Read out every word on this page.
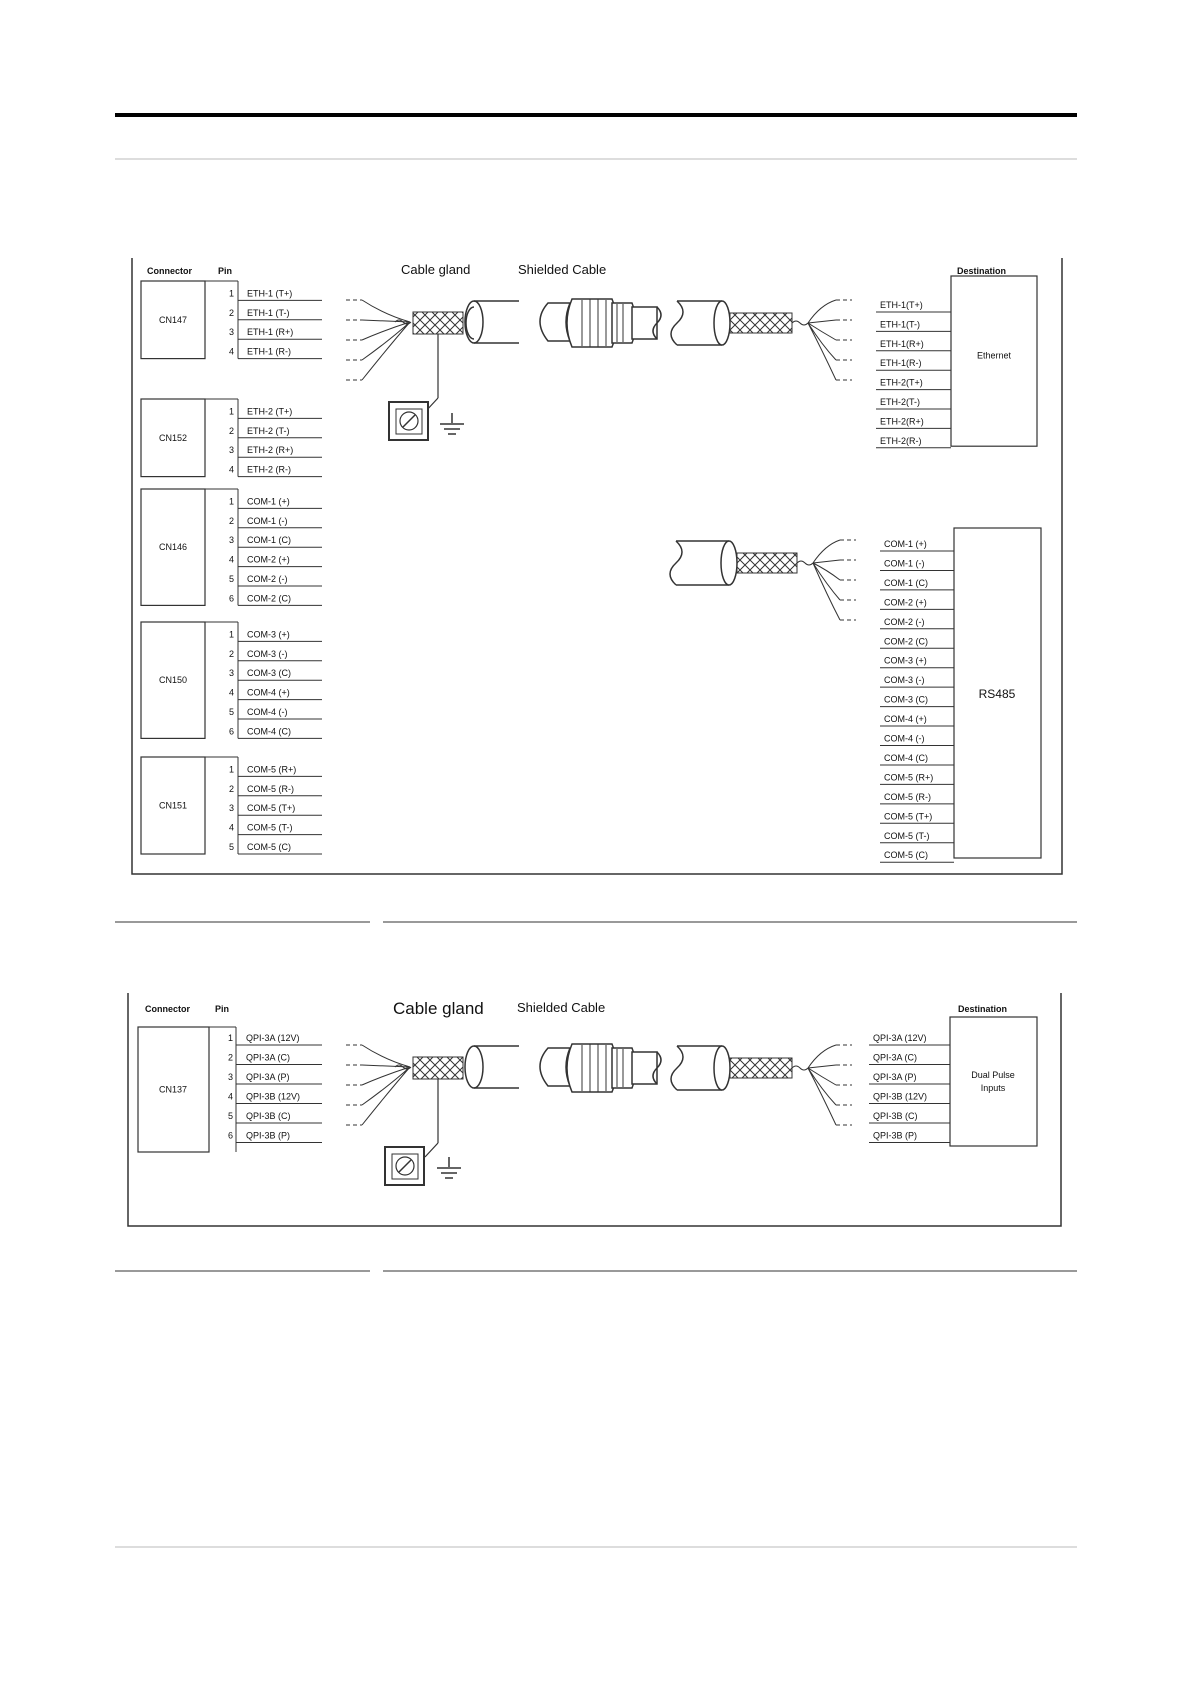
Connector	Pin	Destination
Cable gland	Shielded Cable
CN147
1 ETH-1 (T+)
2 ETH-1 (T-)
3 ETH-1 (R+)
4 ETH-1 (R-)
CN152
1 ETH-2 (T+)
2 ETH-2 (T-)
3 ETH-2 (R+)
4 ETH-2 (R-)
CN146
1 COM-1 (+)
2 COM-1 (-)
3 COM-1 (C)
4 COM-2 (+)
5 COM-2 (-)
6 COM-2 (C)
CN150
1 COM-3 (+)
2 COM-3 (-)
3 COM-3 (C)
4 COM-4 (+)
5 COM-4 (-)
6 COM-4 (C)
CN151
1 COM-5 (R+)
2 COM-5 (R-)
3 COM-5 (T+)
4 COM-5 (T-)
5 COM-5 (C)
Ethernet
ETH-1(T+)
ETH-1(T-)
ETH-1(R+)
ETH-1(R-)
ETH-2(T+)
ETH-2(T-)
ETH-2(R+)
ETH-2(R-)
RS485
COM-1 (+)
COM-1 (-)
COM-1 (C)
COM-2 (+)
COM-2 (-)
COM-2 (C)
COM-3 (+)
COM-3 (-)
COM-3 (C)
COM-4 (+)
COM-4 (-)
COM-4 (C)
COM-5 (R+)
COM-5 (R-)
COM-5 (T+)
COM-5 (T-)
COM-5 (C)
Connector	Pin	Destination
Cable gland	Shielded Cable
CN137
1 QPI-3A (12V)
2 QPI-3A (C)
3 QPI-3A (P)
4 QPI-3B (12V)
5 QPI-3B (C)
6 QPI-3B (P)
Dual Pulse
Inputs
QPI-3A (12V)
QPI-3A (C)
QPI-3A (P)
QPI-3B (12V)
QPI-3B (C)
QPI-3B (P)
